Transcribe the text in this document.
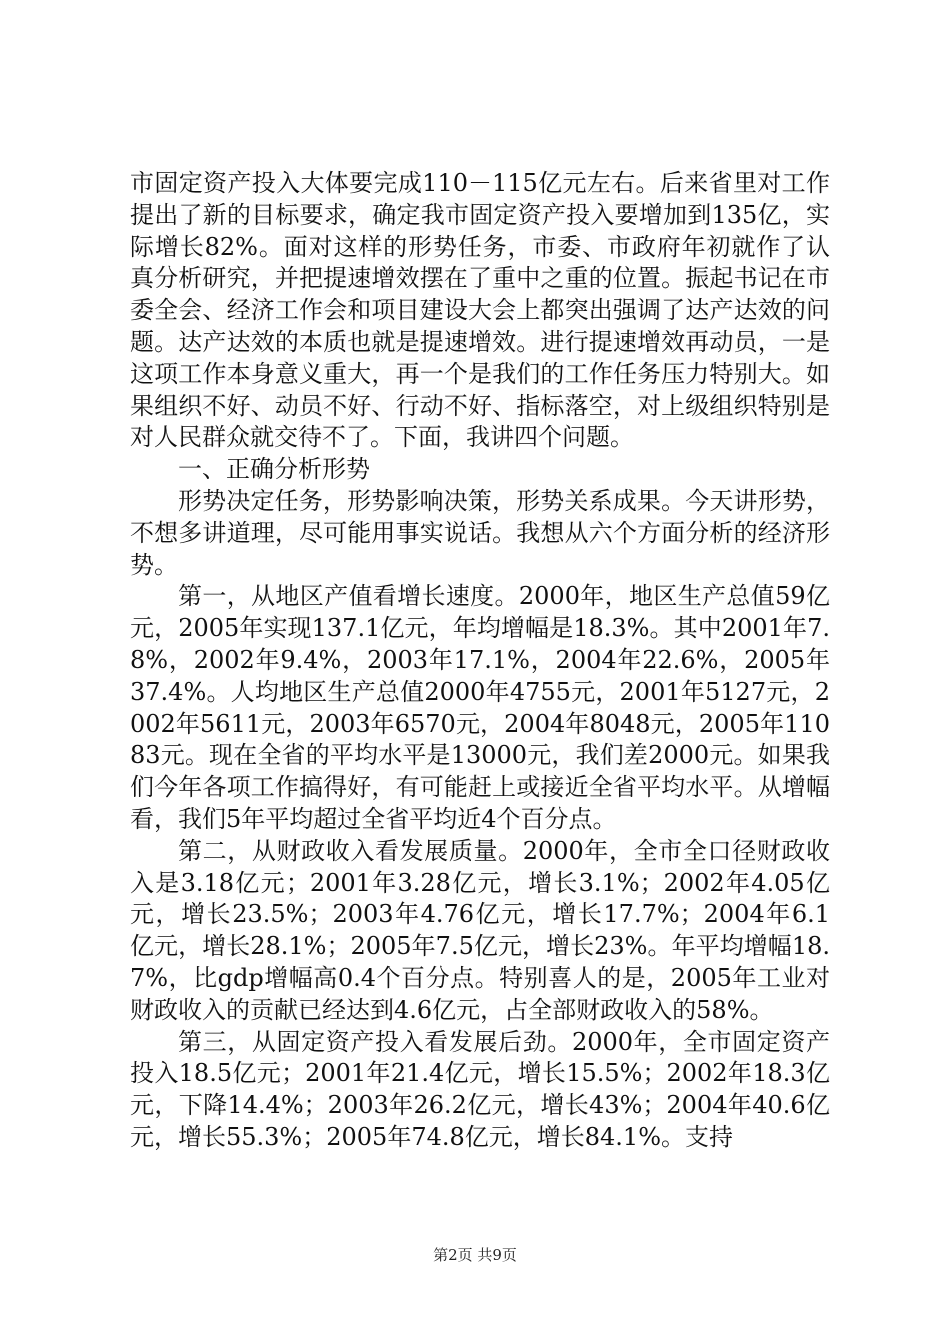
市固定资产投入大体要完成110－115亿元左右。后来省里对工作提出了新的目标要求，确定我市固定资产投入要增加到135亿，实际增长82%。面对这样的形势任务，市委、市政府年初就作了认真分析研究，并把提速增效摆在了重中之重的位置。振起书记在市委全会、经济工作会和项目建设大会上都突出强调了达产达效的问题。达产达效的本质也就是提速增效。进行提速增效再动员，一是这项工作本身意义重大，再一个是我们的工作任务压力特别大。如果组织不好、动员不好、行动不好、指标落空，对上级组织特别是对人民群众就交待不了。下面，我讲四个问题。

一、正确分析形势

形势决定任务，形势影响决策，形势关系成果。今天讲形势，不想多讲道理，尽可能用事实说话。我想从六个方面分析的经济形势。

第一，从地区产值看增长速度。2000年，地区生产总值59亿元，2005年实现137.1亿元，年均增幅是18.3%。其中2001年7.8%，2002年9.4%，2003年17.1%，2004年22.6%，2005年37.4%。人均地区生产总值2000年4755元，2001年5127元，2002年5611元，2003年6570元，2004年8048元，2005年11083元。现在全省的平均水平是13000元，我们差2000元。如果我们今年各项工作搞得好，有可能赶上或接近全省平均水平。从增幅看，我们5年平均超过全省平均近4个百分点。

第二，从财政收入看发展质量。2000年，全市全口径财政收入是3.18亿元；2001年3.28亿元，增长3.1%；2002年4.05亿元，增长23.5%；2003年4.76亿元，增长17.7%；2004年6.1亿元，增长28.1%；2005年7.5亿元，增长23%。年平均增幅18.7%，比gdp增幅高0.4个百分点。特别喜人的是，2005年工业对财政收入的贡献已经达到4.6亿元，占全部财政收入的58%。

第三，从固定资产投入看发展后劲。2000年，全市固定资产投入18.5亿元；2001年21.4亿元，增长15.5%；2002年18.3亿元，下降14.4%；2003年26.2亿元，增长43%；2004年40.6亿元，增长55.3%；2005年74.8亿元，增长84.1%。支持

第2页 共9页
